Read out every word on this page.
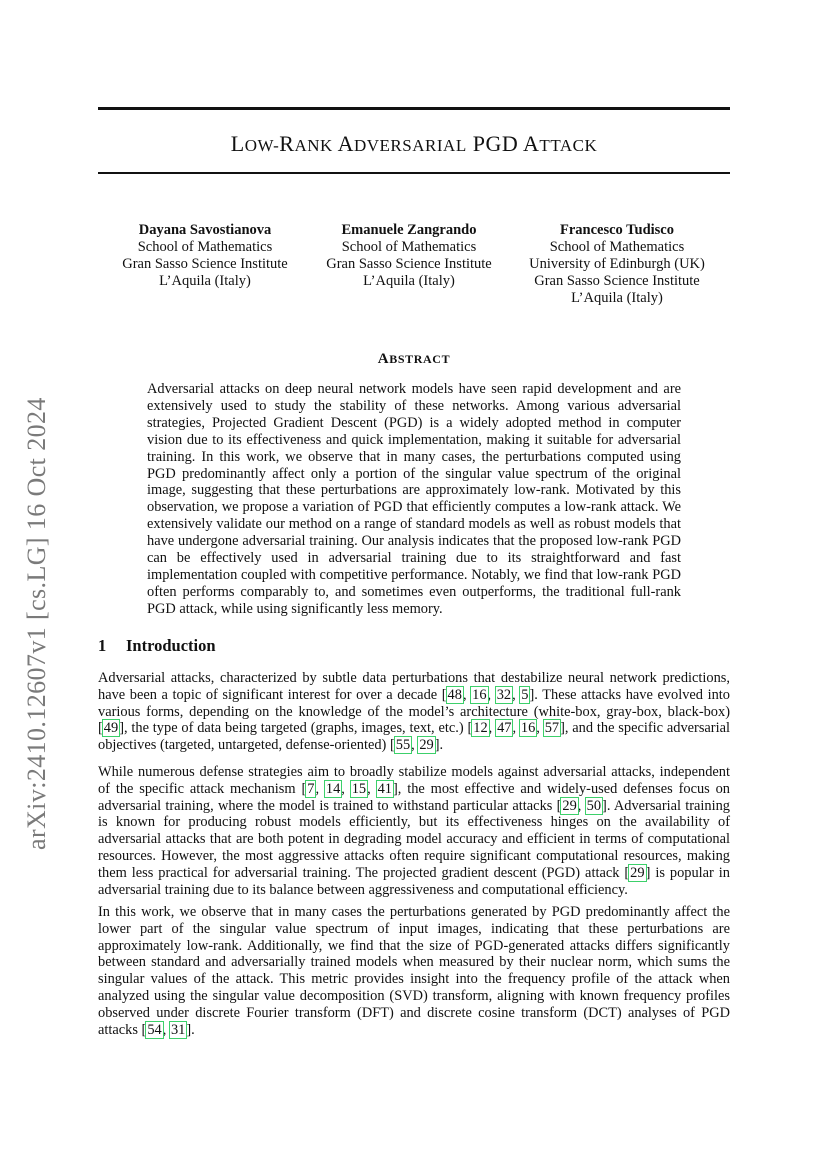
LOW-RANK ADVERSARIAL PGD ATTACK
arXiv:2410.12607v1 [cs.LG] 16 Oct 2024
Dayana Savostianova
School of Mathematics
Gran Sasso Science Institute
L’Aquila (Italy)
Emanuele Zangrando
School of Mathematics
Gran Sasso Science Institute
L’Aquila (Italy)
Francesco Tudisco
School of Mathematics
University of Edinburgh (UK)
Gran Sasso Science Institute
L’Aquila (Italy)
ABSTRACT
Adversarial attacks on deep neural network models have seen rapid development and are extensively used to study the stability of these networks. Among various adversarial strategies, Projected Gradient Descent (PGD) is a widely adopted method in computer vision due to its effectiveness and quick implementation, making it suitable for adversarial training. In this work, we observe that in many cases, the perturbations computed using PGD predominantly affect only a portion of the singular value spectrum of the original image, suggesting that these perturbations are approximately low-rank. Motivated by this observation, we propose a variation of PGD that efficiently computes a low-rank attack. We extensively validate our method on a range of standard models as well as robust models that have undergone adversarial training. Our analysis indicates that the proposed low-rank PGD can be effectively used in adversarial training due to its straightforward and fast implementation coupled with competitive performance. Notably, we find that low-rank PGD often performs comparably to, and sometimes even outperforms, the traditional full-rank PGD attack, while using significantly less memory.
1 Introduction
Adversarial attacks, characterized by subtle data perturbations that destabilize neural network predictions, have been a topic of significant interest for over a decade [48, 16, 32, 5]. These attacks have evolved into various forms, depending on the knowledge of the model’s architecture (white-box, gray-box, black-box) [49], the type of data being targeted (graphs, images, text, etc.) [12, 47, 16, 57], and the specific adversarial objectives (targeted, untargeted, defense-oriented) [55, 29].
While numerous defense strategies aim to broadly stabilize models against adversarial attacks, independent of the specific attack mechanism [7, 14, 15, 41], the most effective and widely-used defenses focus on adversarial training, where the model is trained to withstand particular attacks [29, 50]. Adversarial training is known for producing robust models efficiently, but its effectiveness hinges on the availability of adversarial attacks that are both potent in degrading model accuracy and efficient in terms of computational resources. However, the most aggressive attacks often require significant computational resources, making them less practical for adversarial training. The projected gradient descent (PGD) attack [29] is popular in adversarial training due to its balance between aggressiveness and computational efficiency.
In this work, we observe that in many cases the perturbations generated by PGD predominantly affect the lower part of the singular value spectrum of input images, indicating that these perturbations are approximately low-rank. Additionally, we find that the size of PGD-generated attacks differs significantly between standard and adversarially trained models when measured by their nuclear norm, which sums the singular values of the attack. This metric provides insight into the frequency profile of the attack when analyzed using the singular value decomposition (SVD) transform, aligning with known frequency profiles observed under discrete Fourier transform (DFT) and discrete cosine transform (DCT) analyses of PGD attacks [54, 31].
